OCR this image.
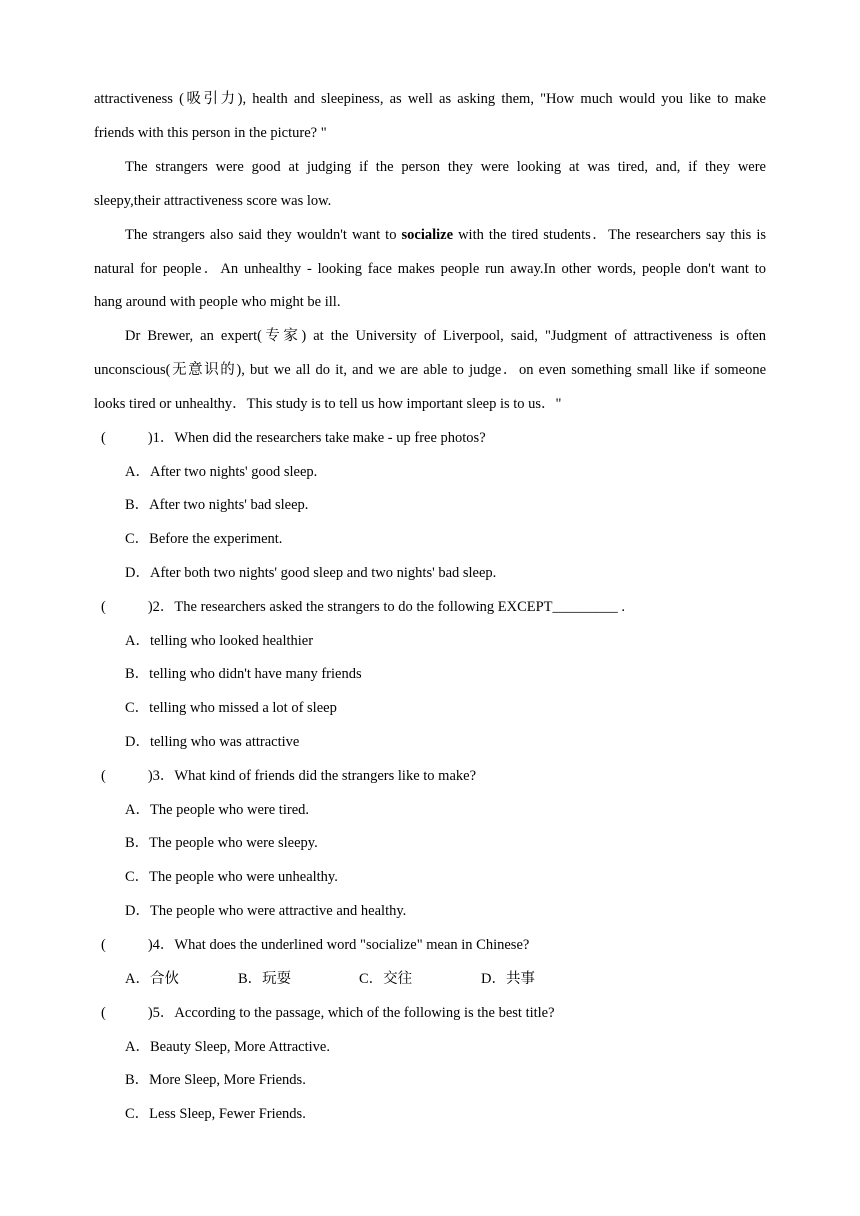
attractiveness (吸引力), health and sleepiness, as well as asking them, "How much would you like to make
friends with this person in the picture? "
The strangers were good at judging if the person they were looking at was tired, and, if they were
sleepy,their attractiveness score was low.
The strangers also said they wouldn't want to socialize with the tired students．The researchers say this is
natural for people．An unhealthy - looking face makes people run away.In other words, people don't want to
hang around with people who might be ill.
Dr Brewer, an expert(专家) at the University of Liverpool, said, "Judgment of attractiveness is often
unconscious(无意识的), but we all do it, and we are able to judge．on even something small like if someone
looks tired or unhealthy．This study is to tell us how important sleep is to us．"
(	)1．When did the researchers take make - up free photos?
A．After two nights' good sleep.
B．After two nights' bad sleep.
C．Before the experiment.
D．After both two nights' good sleep and two nights' bad sleep.
(	)2．The researchers asked the strangers to do the following EXCEPT_________ .
A．telling who looked healthier
B．telling who didn't have many friends
C．telling who missed a lot of sleep
D．telling who was attractive
(	)3．What kind of friends did the strangers like to make?
A．The people who were tired.
B．The people who were sleepy.
C．The people who were unhealthy.
D．The people who were attractive and healthy.
(	)4．What does the underlined word "socialize" mean in Chinese?
A．合伙	B．玩耍	C．交往	D．共事
(	)5．According to the passage, which of the following is the best title?
A．Beauty Sleep, More Attractive.
B．More Sleep, More Friends.
C．Less Sleep, Fewer Friends.
